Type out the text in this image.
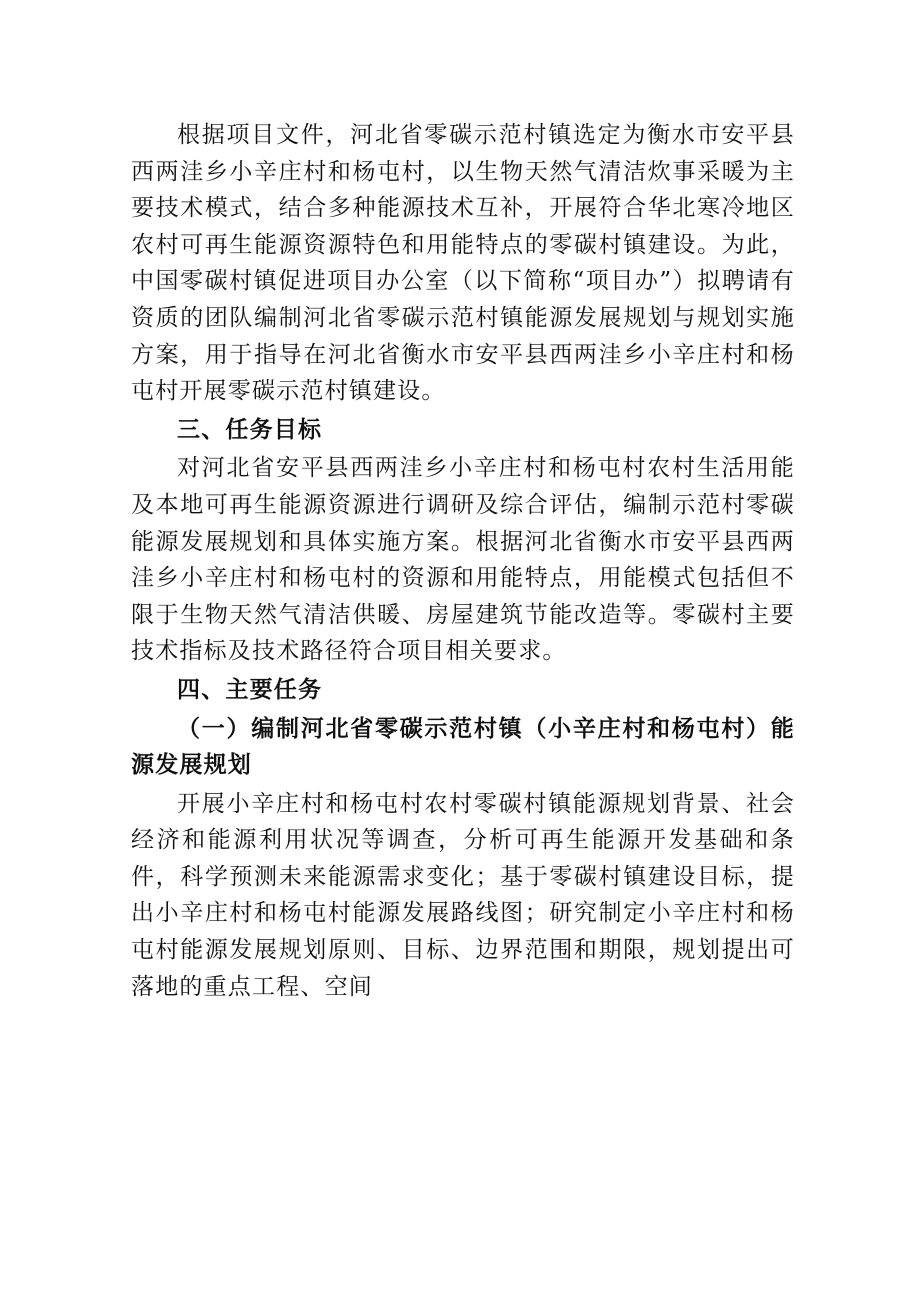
根据项目文件，河北省零碳示范村镇选定为衡水市安平县西两洼乡小辛庄村和杨屯村，以生物天然气清洁炊事采暖为主要技术模式，结合多种能源技术互补，开展符合华北寒冷地区农村可再生能源资源特色和用能特点的零碳村镇建设。为此，中国零碳村镇促进项目办公室（以下简称“项目办”）拟聘请有资质的团队编制河北省零碳示范村镇能源发展规划与规划实施方案，用于指导在河北省衡水市安平县西两洼乡小辛庄村和杨屯村开展零碳示范村镇建设。

三、任务目标

对河北省安平县西两洼乡小辛庄村和杨屯村农村生活用能及本地可再生能源资源进行调研及综合评估，编制示范村零碳能源发展规划和具体实施方案。根据河北省衡水市安平县西两洼乡小辛庄村和杨屯村的资源和用能特点，用能模式包括但不限于生物天然气清洁供暖、房屋建筑节能改造等。零碳村主要技术指标及技术路径符合项目相关要求。

四、主要任务

（一）编制河北省零碳示范村镇（小辛庄村和杨屯村）能源发展规划

开展小辛庄村和杨屯村农村零碳村镇能源规划背景、社会经济和能源利用状况等调查，分析可再生能源开发基础和条件，科学预测未来能源需求变化；基于零碳村镇建设目标，提出小辛庄村和杨屯村能源发展路线图；研究制定小辛庄村和杨屯村能源发展规划原则、目标、边界范围和期限，规划提出可落地的重点工程、空间
